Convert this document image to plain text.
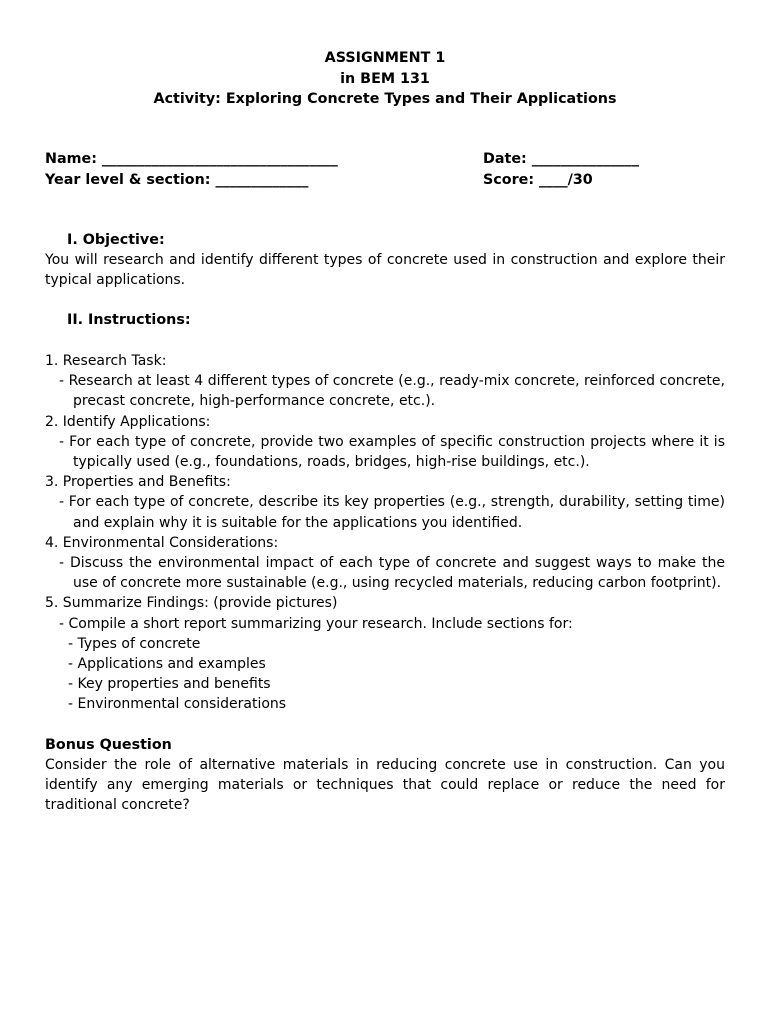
ASSIGNMENT 1
in BEM 131
Activity: Exploring Concrete Types and Their Applications
Name: _________________________________	Date: _______________
Year level & section: _____________	Score: ____/30
I. Objective:
You will research and identify different types of concrete used in construction and explore their typical applications.
II. Instructions:
1. Research Task:
- Research at least 4 different types of concrete (e.g., ready-mix concrete, reinforced concrete, precast concrete, high-performance concrete, etc.).
2. Identify Applications:
- For each type of concrete, provide two examples of specific construction projects where it is typically used (e.g., foundations, roads, bridges, high-rise buildings, etc.).
3. Properties and Benefits:
- For each type of concrete, describe its key properties (e.g., strength, durability, setting time) and explain why it is suitable for the applications you identified.
4. Environmental Considerations:
- Discuss the environmental impact of each type of concrete and suggest ways to make the use of concrete more sustainable (e.g., using recycled materials, reducing carbon footprint).
5. Summarize Findings: (provide pictures)
- Compile a short report summarizing your research. Include sections for:
- Types of concrete
- Applications and examples
- Key properties and benefits
- Environmental considerations
Bonus Question
Consider the role of alternative materials in reducing concrete use in construction. Can you identify any emerging materials or techniques that could replace or reduce the need for traditional concrete?
